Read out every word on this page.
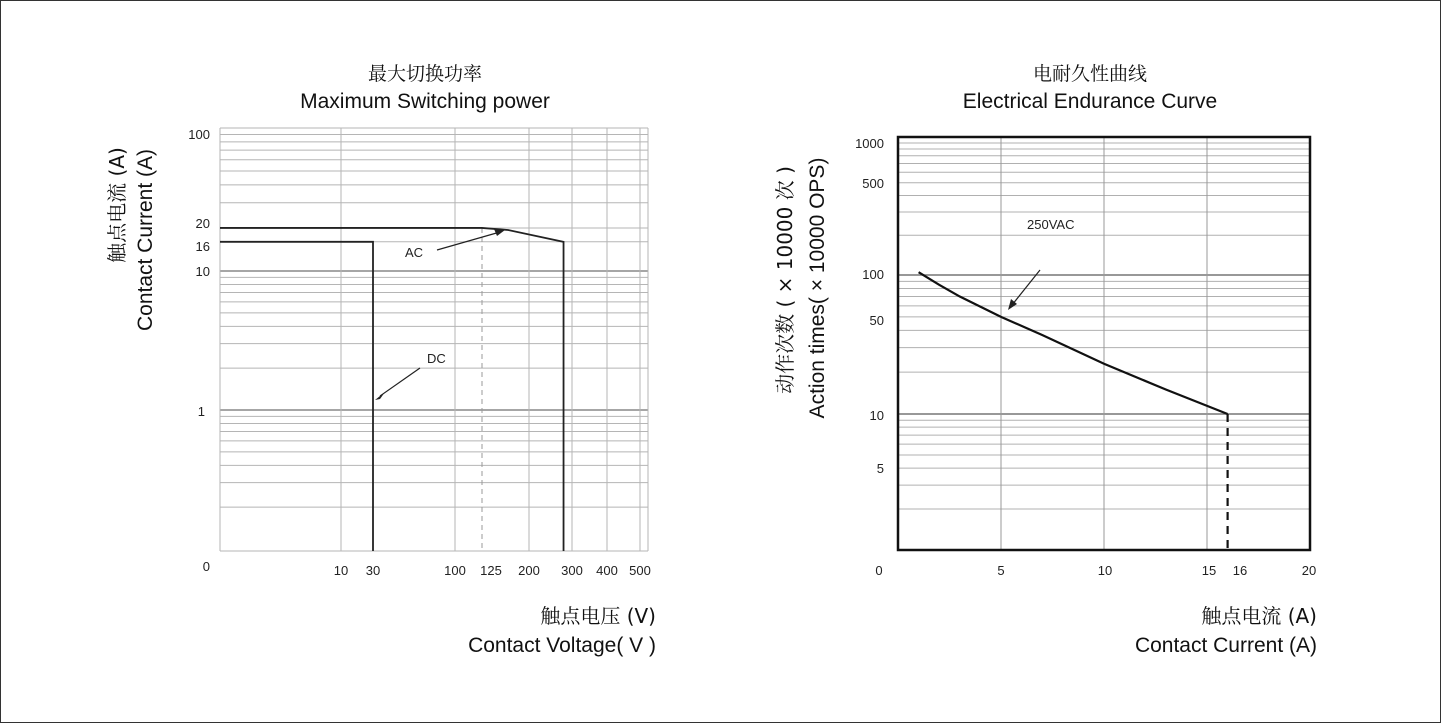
最大切换功率
Maximum Switching power
触点电流 (A) Contact Current (A)
触点电压 (V)
Contact Voltage( V )
100
20
16
10
1
0	10 30	100 125 200 300 400 500
AC
DC
电耐久性曲线
Electrical Endurance Curve
动作次数 ( × 10000 次 ) Action times( × 10000 OPS)
触点电流 (A)
Contact Current (A)
1000
500
100
50
10
5
0	5	10	15 16	20
250VAC
